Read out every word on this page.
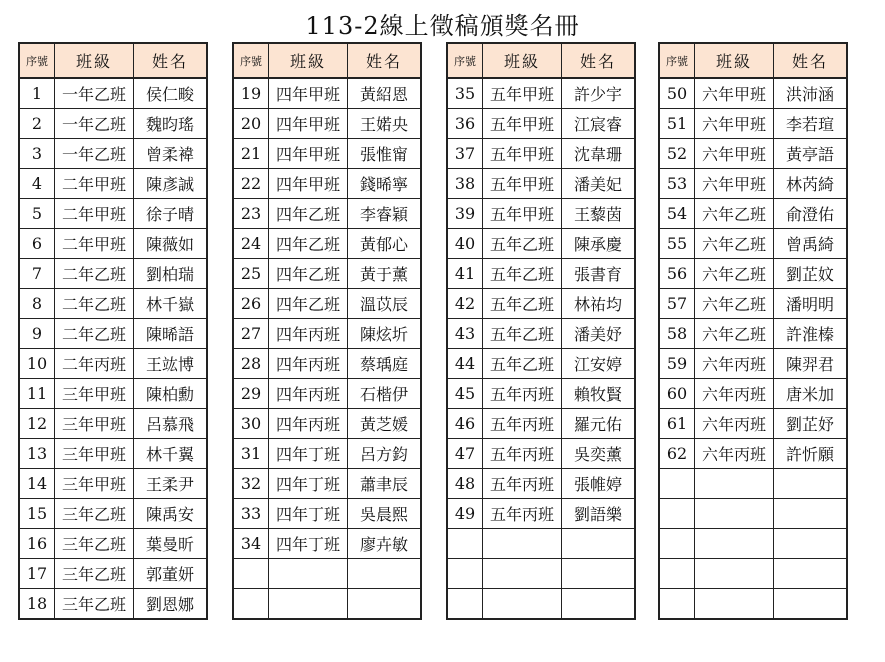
113-2線上徵稿頒獎名冊
序號	班級	姓名
1	一年乙班	侯仁畯
2	一年乙班	魏昀瑤
3	一年乙班	曾柔褘
4	二年甲班	陳彥誠
5	二年甲班	徐子晴
6	二年甲班	陳薇如
7	二年乙班	劉柏瑞
8	二年乙班	林千嶽
9	二年乙班	陳晞語
10	二年丙班	王竑博
11	三年甲班	陳柏勳
12	三年甲班	呂慕飛
13	三年甲班	林千翼
14	三年甲班	王柔尹
15	三年乙班	陳禹安
16	三年乙班	葉曼昕
17	三年乙班	郭董妍
18	三年乙班	劉恩娜
序號	班級	姓名
19	四年甲班	黃紹恩
20	四年甲班	王婼央
21	四年甲班	張惟甯
22	四年甲班	錢晞寧
23	四年乙班	李睿穎
24	四年乙班	黃郁心
25	四年乙班	黃于薰
26	四年乙班	溫苡辰
27	四年丙班	陳炫圻
28	四年丙班	蔡瑀庭
29	四年丙班	石楷伊
30	四年丙班	黃芝媛
31	四年丁班	呂方鈞
32	四年丁班	蕭聿辰
33	四年丁班	吳晨熙
34	四年丁班	廖卉敏

序號	班級	姓名
35	五年甲班	許少宇
36	五年甲班	江宸睿
37	五年甲班	沈韋珊
38	五年甲班	潘美妃
39	五年甲班	王藜茵
40	五年乙班	陳承慶
41	五年乙班	張書育
42	五年乙班	林祐均
43	五年乙班	潘美妤
44	五年乙班	江安婷
45	五年丙班	賴牧賢
46	五年丙班	羅元佑
47	五年丙班	吳奕薰
48	五年丙班	張帷婷
49	五年丙班	劉語樂

序號	班級	姓名
50	六年甲班	洪沛涵
51	六年甲班	李若瑄
52	六年甲班	黃亭語
53	六年甲班	林芮綺
54	六年乙班	俞澄佑
55	六年乙班	曾禹綺
56	六年乙班	劉芷妏
57	六年乙班	潘明明
58	六年乙班	許淮榛
59	六年丙班	陳羿君
60	六年丙班	唐米加
61	六年丙班	劉芷妤
62	六年丙班	許忻願
